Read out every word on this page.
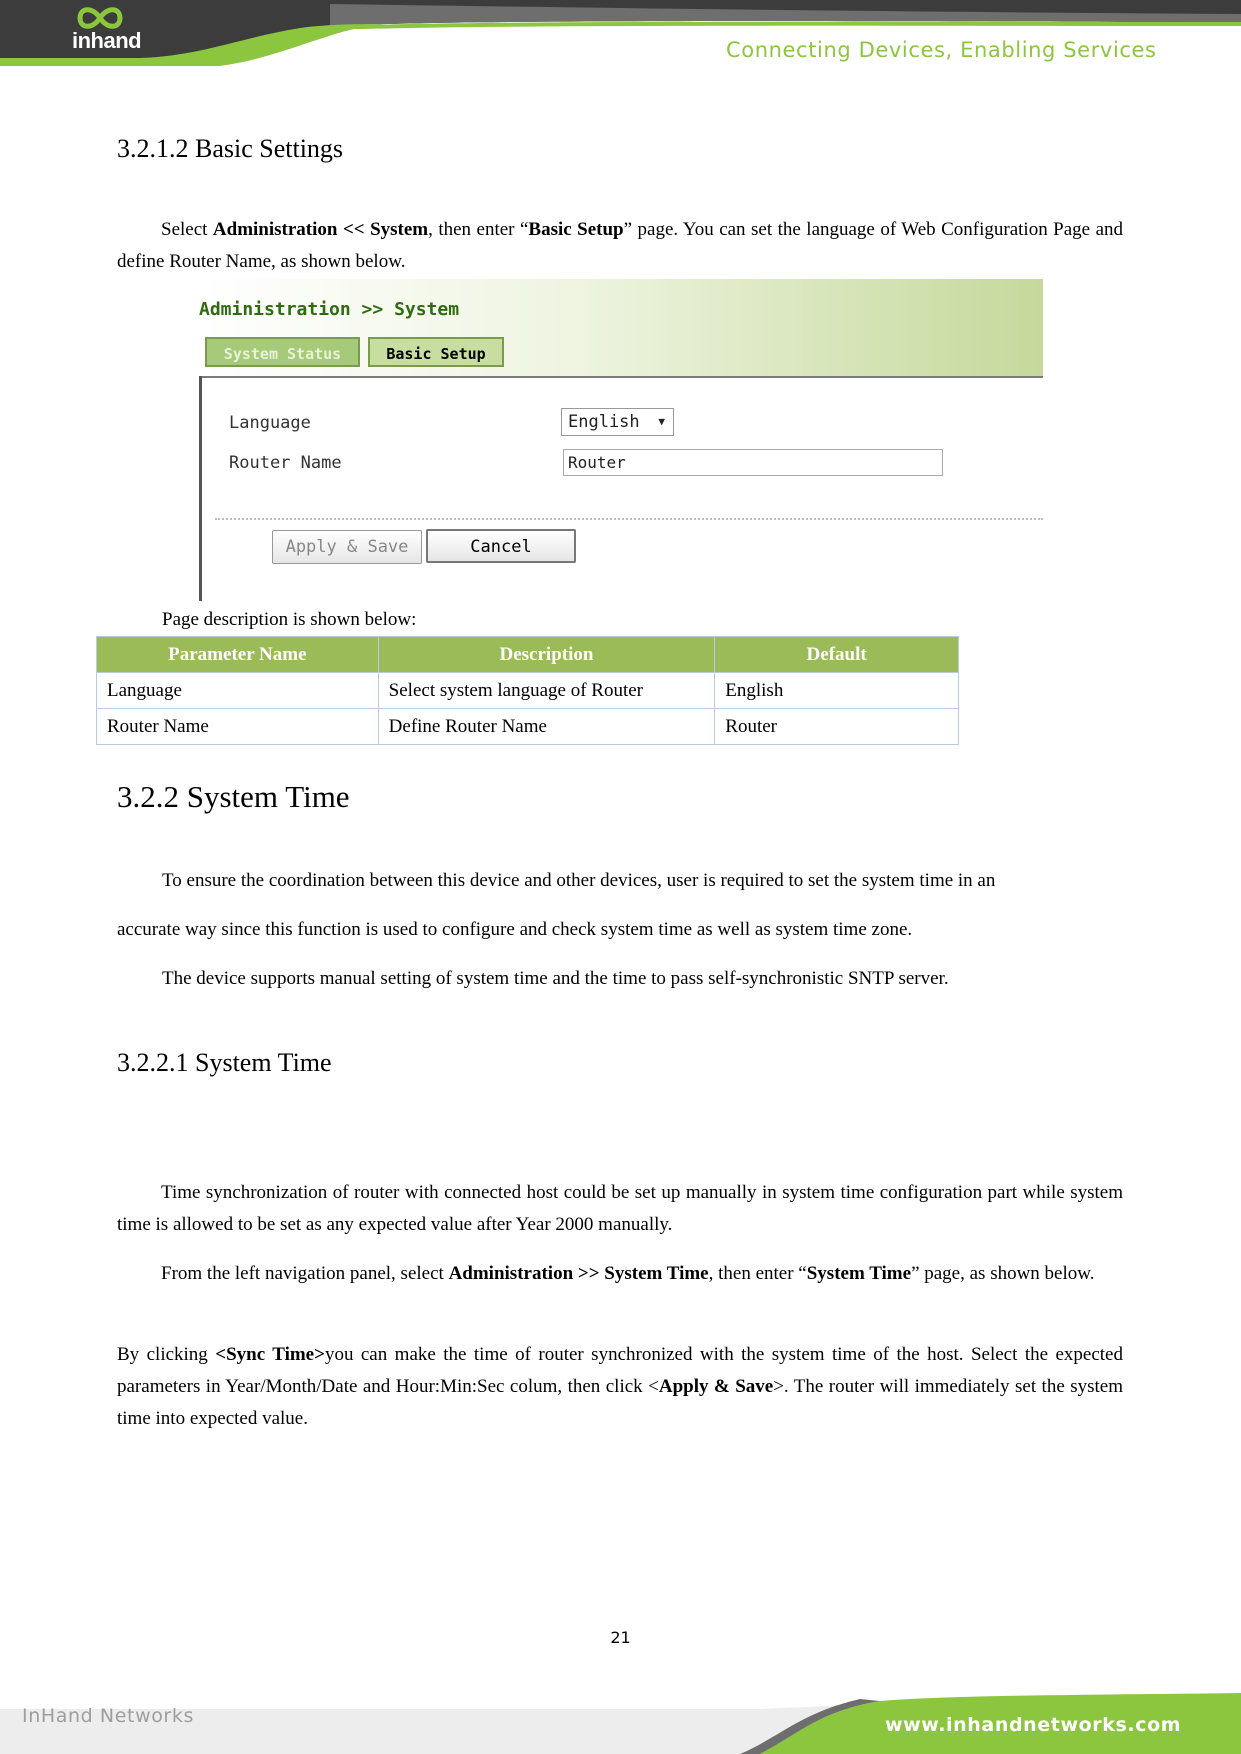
inhand	Connecting Devices, Enabling Services
3.2.1.2 Basic Settings

Select Administration << System, then enter “Basic Setup” page. You can set the language of Web Configuration Page and define Router Name, as shown below.

Administration >> System
System Status	Basic Setup
Language	English ▼
Router Name	Router
Apply & Save	Cancel
Page description is shown below:
Parameter Name	Description	Default
Language	Select system language of Router	English
Router Name	Define Router Name	Router
3.2.2 System Time
To ensure the coordination between this device and other devices, user is required to set the system time in an
accurate way since this function is used to configure and check system time as well as system time zone.
The device supports manual setting of system time and the time to pass self-synchronistic SNTP server.
3.2.2.1 System Time

Time synchronization of router with connected host could be set up manually in system time configuration part while system time is allowed to be set as any expected value after Year 2000 manually.

From the left navigation panel, select Administration >> System Time, then enter “System Time” page, as shown below.

By clicking <Sync Time>you can make the time of router synchronized with the system time of the host. Select the expected parameters in Year/Month/Date and Hour:Min:Sec colum, then click <Apply & Save>. The router will immediately set the system time into expected value.

21
InHand Networks	www.inhandnetworks.com
